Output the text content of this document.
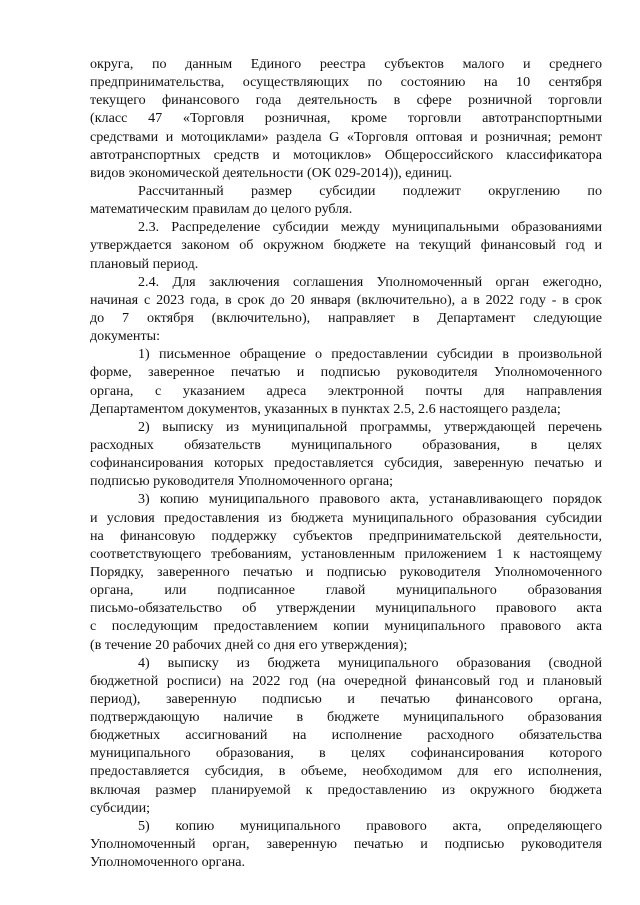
округа, по данным Единого реестра субъектов малого и среднего
предпринимательства, осуществляющих по состоянию на 10 сентября
текущего финансового года деятельность в сфере розничной торговли
(класс 47 «Торговля розничная, кроме торговли автотранспортными
средствами и мотоциклами» раздела G «Торговля оптовая и розничная; ремонт
автотранспортных средств и мотоциклов» Общероссийского классификатора
видов экономической деятельности (ОК 029-2014)), единиц.
Рассчитанный размер субсидии подлежит округлению по
математическим правилам до целого рубля.
2.3. Распределение субсидии между муниципальными образованиями
утверждается законом об окружном бюджете на текущий финансовый год и
плановый период.
2.4. Для заключения соглашения Уполномоченный орган ежегодно,
начиная с 2023 года, в срок до 20 января (включительно), а в 2022 году - в срок
до 7 октября (включительно), направляет в Департамент следующие
документы:
1) письменное обращение о предоставлении субсидии в произвольной
форме, заверенное печатью и подписью руководителя Уполномоченного
органа, с указанием адреса электронной почты для направления
Департаментом документов, указанных в пунктах 2.5, 2.6 настоящего раздела;
2) выписку из муниципальной программы, утверждающей перечень
расходных обязательств муниципального образования, в целях
софинансирования которых предоставляется субсидия, заверенную печатью и
подписью руководителя Уполномоченного органа;
3) копию муниципального правового акта, устанавливающего порядок
и условия предоставления из бюджета муниципального образования субсидии
на финансовую поддержку субъектов предпринимательской деятельности,
соответствующего требованиям, установленным приложением 1 к настоящему
Порядку, заверенного печатью и подписью руководителя Уполномоченного
органа, или подписанное главой муниципального образования
письмо-обязательство об утверждении муниципального правового акта
с последующим предоставлением копии муниципального правового акта
(в течение 20 рабочих дней со дня его утверждения);
4) выписку из бюджета муниципального образования (сводной
бюджетной росписи) на 2022 год (на очередной финансовый год и плановый
период), заверенную подписью и печатью финансового органа,
подтверждающую наличие в бюджете муниципального образования
бюджетных ассигнований на исполнение расходного обязательства
муниципального образования, в целях софинансирования которого
предоставляется субсидия, в объеме, необходимом для его исполнения,
включая размер планируемой к предоставлению из окружного бюджета
субсидии;
5) копию муниципального правового акта, определяющего
Уполномоченный орган, заверенную печатью и подписью руководителя
Уполномоченного органа.
